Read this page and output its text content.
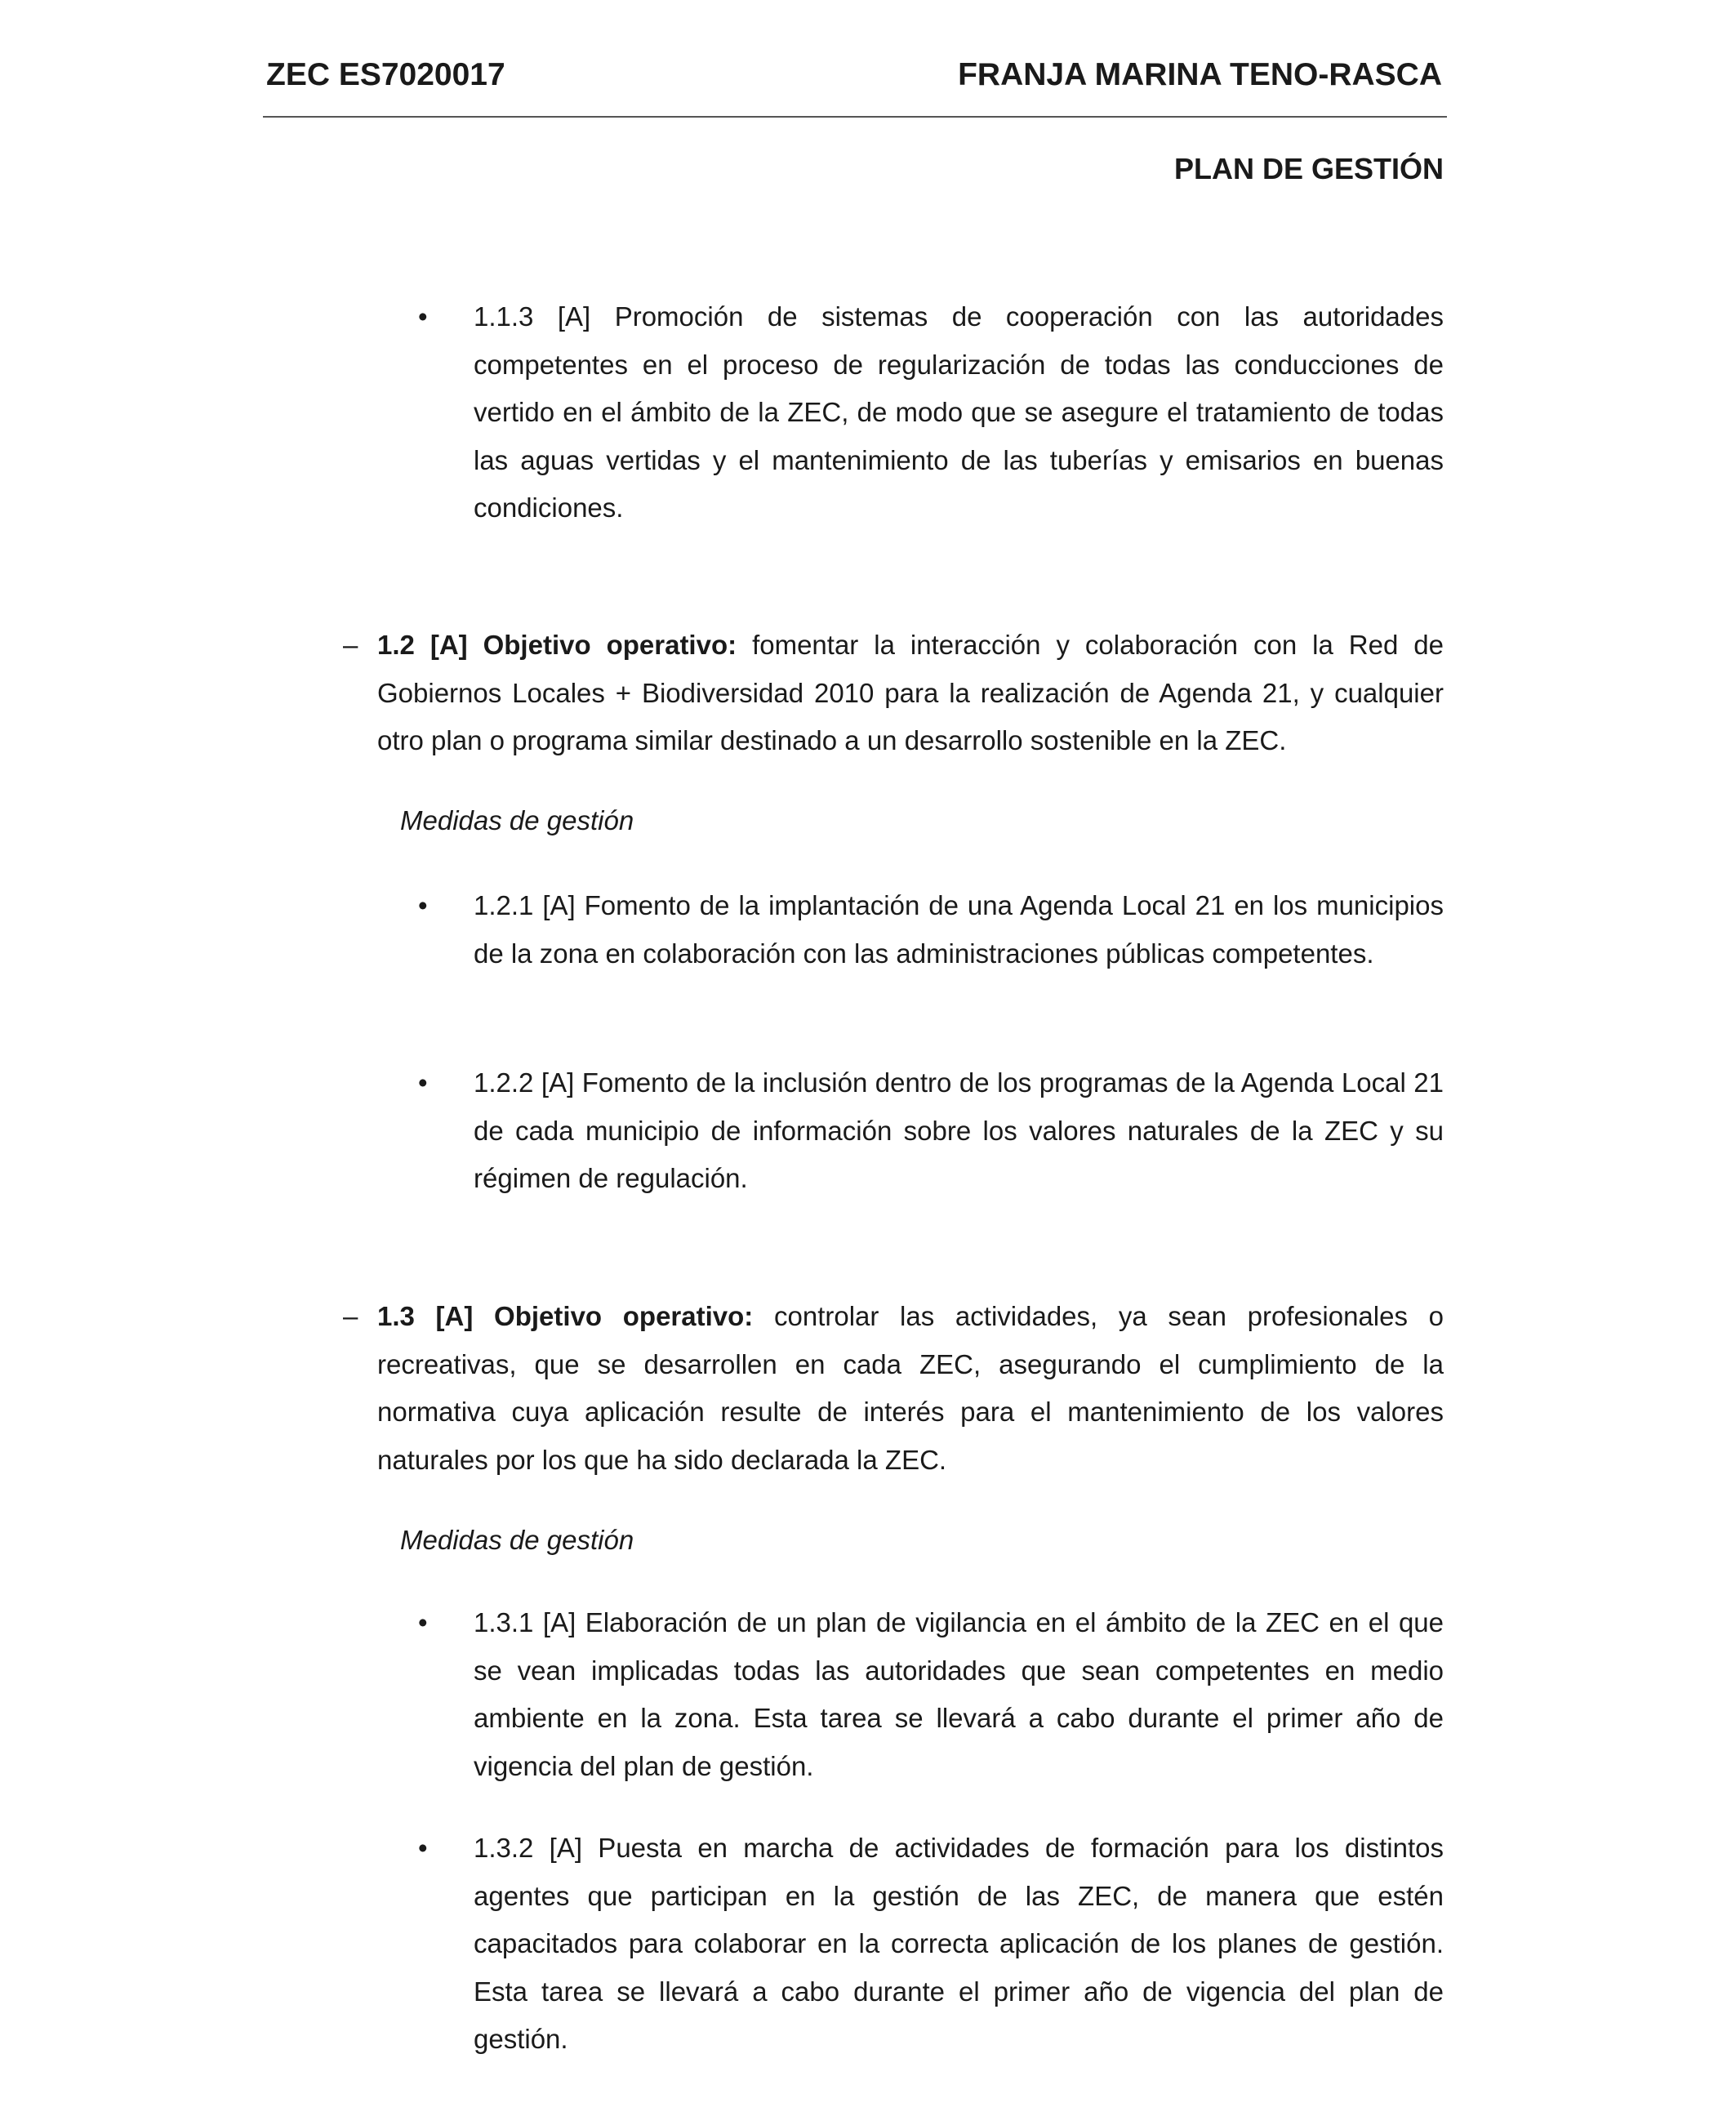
ZEC ES7020017	FRANJA MARINA TENO-RASCA
PLAN DE GESTIÓN
• 1.1.3 [A] Promoción de sistemas de cooperación con las autoridades competentes en el proceso de regularización de todas las conducciones de vertido en el ámbito de la ZEC, de modo que se asegure el tratamiento de todas las aguas vertidas y el mantenimiento de las tuberías y emisarios en buenas condiciones.
– 1.2 [A] Objetivo operativo: fomentar la interacción y colaboración con la Red de Gobiernos Locales + Biodiversidad 2010 para la realización de Agenda 21, y cualquier otro plan o programa similar destinado a un desarrollo sostenible en la ZEC.
Medidas de gestión
• 1.2.1 [A] Fomento de la implantación de una Agenda Local 21 en los municipios de la zona en colaboración con las administraciones públicas competentes.
• 1.2.2 [A] Fomento de la inclusión dentro de los programas de la Agenda Local 21 de cada municipio de información sobre los valores naturales de la ZEC y su régimen de regulación.
– 1.3 [A] Objetivo operativo: controlar las actividades, ya sean profesionales o recreativas, que se desarrollen en cada ZEC, asegurando el cumplimiento de la normativa cuya aplicación resulte de interés para el mantenimiento de los valores naturales por los que ha sido declarada la ZEC.
Medidas de gestión
• 1.3.1 [A] Elaboración de un plan de vigilancia en el ámbito de la ZEC en el que se vean implicadas todas las autoridades que sean competentes en medio ambiente en la zona. Esta tarea se llevará a cabo durante el primer año de vigencia del plan de gestión.
• 1.3.2 [A] Puesta en marcha de actividades de formación para los distintos agentes que participan en la gestión de las ZEC, de manera que estén capacitados para colaborar en la correcta aplicación de los planes de gestión. Esta tarea se llevará a cabo durante el primer año de vigencia del plan de gestión.
